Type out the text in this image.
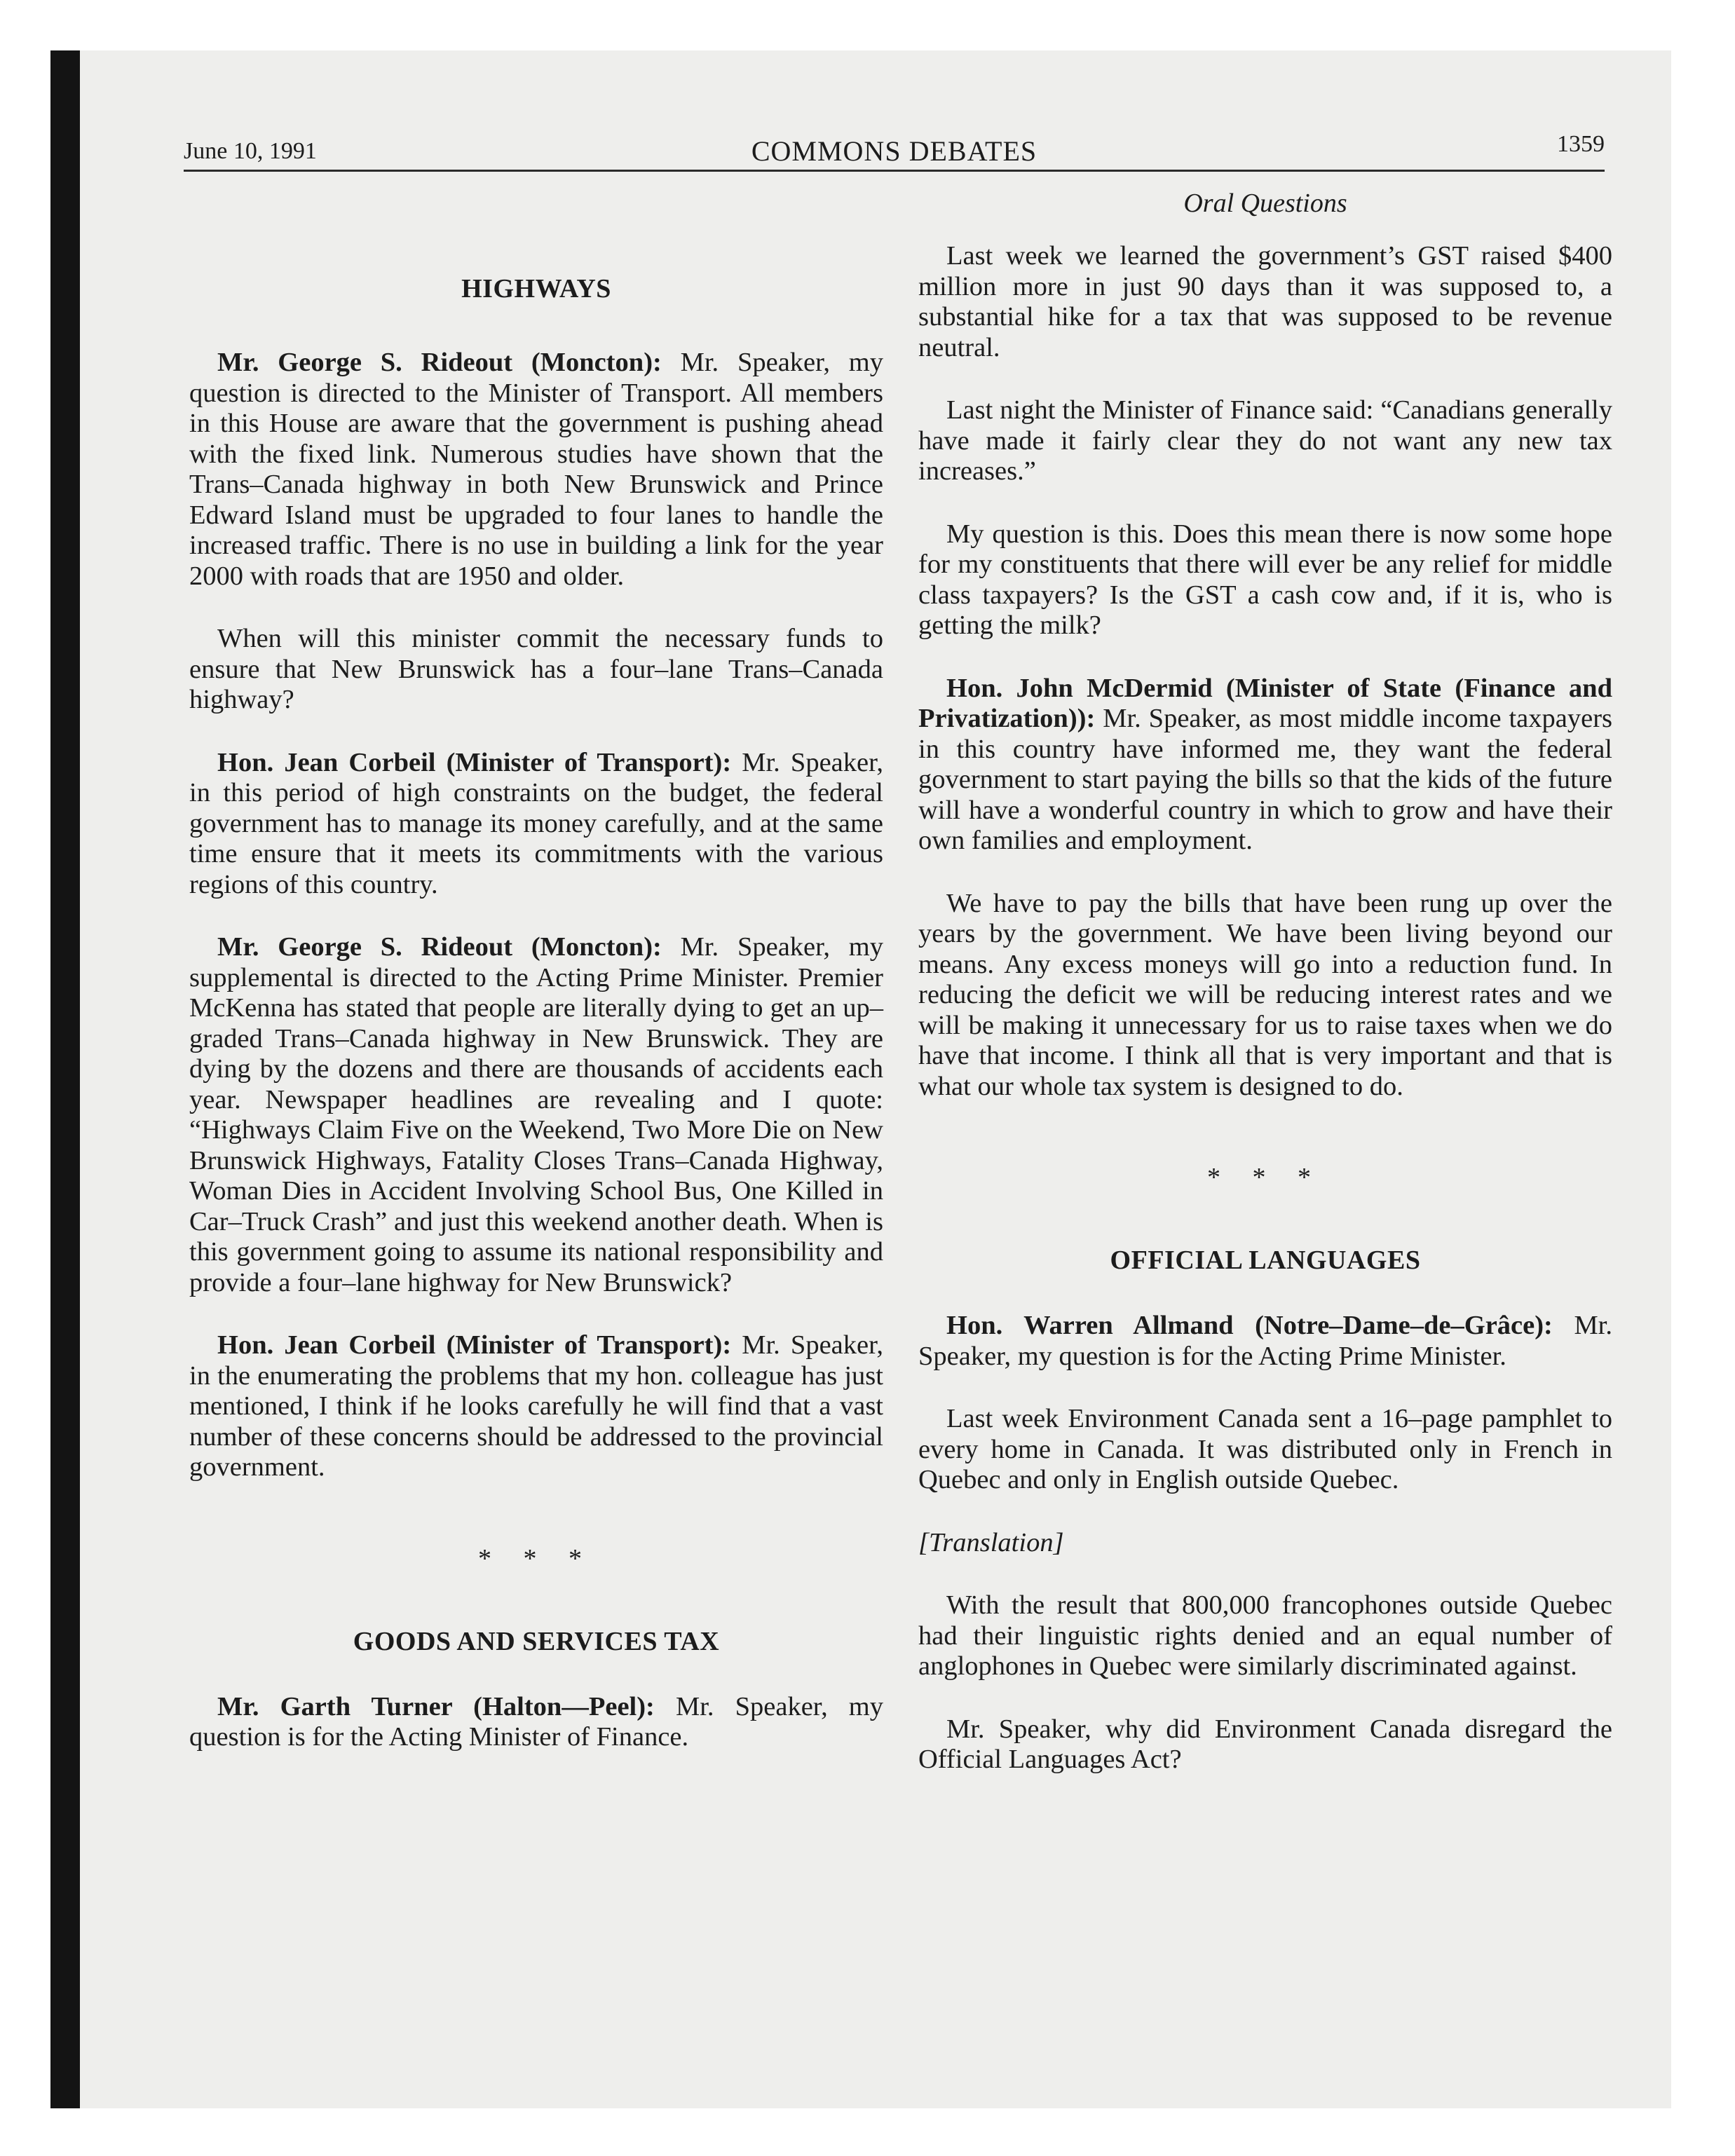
June 10, 1991	COMMONS DEBATES	1359
HIGHWAYS

Mr. George S. Rideout (Moncton): Mr. Speaker, my question is directed to the Minister of Transport. All members in this House are aware that the government is pushing ahead with the fixed link. Numerous studies have shown that the Trans–Canada highway in both New Brunswick and Prince Edward Island must be upgraded to four lanes to handle the increased traffic. There is no use in building a link for the year 2000 with roads that are 1950 and older.

When will this minister commit the necessary funds to ensure that New Brunswick has a four–lane Trans–Canada highway?

Hon. Jean Corbeil (Minister of Transport): Mr. Speaker, in this period of high constraints on the budget, the federal government has to manage its money carefully, and at the same time ensure that it meets its commitments with the various regions of this country.

Mr. George S. Rideout (Moncton): Mr. Speaker, my supplemental is directed to the Acting Prime Minister. Premier McKenna has stated that people are literally dying to get an up–graded Trans–Canada highway in New Brunswick. They are dying by the dozens and there are thousands of accidents each year. Newspaper headlines are revealing and I quote: “Highways Claim Five on the Weekend, Two More Die on New Brunswick Highways, Fatality Closes Trans–Canada Highway, Woman Dies in Accident Involving School Bus, One Killed in Car–Truck Crash” and just this weekend another death. When is this government going to assume its national responsibility and provide a four–lane highway for New Brunswick?

Hon. Jean Corbeil (Minister of Transport): Mr. Speaker, in the enumerating the problems that my hon. colleague has just mentioned, I think if he looks carefully he will find that a vast number of these concerns should be addressed to the provincial government.

* * *
GOODS AND SERVICES TAX

Mr. Garth Turner (Halton—Peel): Mr. Speaker, my question is for the Acting Minister of Finance.

Oral Questions

Last week we learned the government’s GST raised $400 million more in just 90 days than it was supposed to, a substantial hike for a tax that was supposed to be revenue neutral.

Last night the Minister of Finance said: “Canadians generally have made it fairly clear they do not want any new tax increases.”

My question is this. Does this mean there is now some hope for my constituents that there will ever be any relief for middle class taxpayers? Is the GST a cash cow and, if it is, who is getting the milk?

Hon. John McDermid (Minister of State (Finance and Privatization)): Mr. Speaker, as most middle income taxpayers in this country have informed me, they want the federal government to start paying the bills so that the kids of the future will have a wonderful country in which to grow and have their own families and employment.

We have to pay the bills that have been rung up over the years by the government. We have been living beyond our means. Any excess moneys will go into a reduction fund. In reducing the deficit we will be reducing interest rates and we will be making it unnecessary for us to raise taxes when we do have that income. I think all that is very important and that is what our whole tax system is designed to do.

* * *
OFFICIAL LANGUAGES

Hon. Warren Allmand (Notre–Dame–de–Grâce): Mr. Speaker, my question is for the Acting Prime Minister.

Last week Environment Canada sent a 16–page pamphlet to every home in Canada. It was distributed only in French in Quebec and only in English outside Quebec.

[Translation]

With the result that 800,000 francophones outside Quebec had their linguistic rights denied and an equal number of anglophones in Quebec were similarly discriminated against.

Mr. Speaker, why did Environment Canada disregard the Official Languages Act?
